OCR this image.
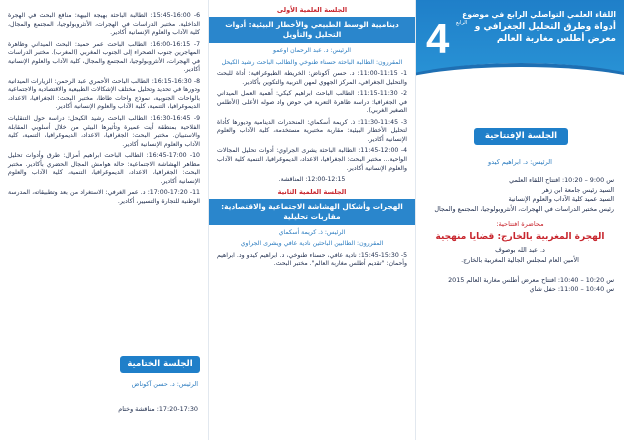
6- 15:45-16:00: الطالبة الباحثة بهيجة البيهة: منافع البحث في الهجرة الداخلية. مختبر الدراسات في الهجرات، الأنثروبولوجيا، المجتمع والمجال، كلية الآداب والعلوم الإنسانية أكادير.
7- 16:00-16:15: الطالب الباحث عمر حميد: البحث الميداني وظاهرة المهاجرين جنوب الصحراء إلى الجنوب المغربي (المغرب). مختبر الدراسات في الهجرات، الأنثروبولوجيا، المجتمع والمجال، كلية الآداب والعلوم الإنسانية أكادير.
8- 16:15-16:30: الطالب الباحث الأحمري عبد الرحمن: الزيارات الميدانية ودورها في تحديد وتحليل مختلف الإشكالات الطبيعية والاقتصادية والاجتماعية بالواحات الجنوبية، نموذج واحات طاطا، مختبر البحث: الجغرافيا، الاعداد، الديموغرافيا، التنمية، كلية الآداب والعلوم الإنسانية أكادير.
9- 16:30-16:45: الطالب الباحث رشيد الكيحل: دراسة حول التنقليات الفلاحية بمنطقة أيت عميرة وتأثيرها البيئي من خلال أسلوبي المقابلة والاستبيان. مختبر البحث: الجغرافيا، الاعداد، الديموغرافيا، التنمية، كلية الآداب والعلوم الإنسانية أكادير.
10- 16:45-17:00: الطالب الباحث ابراهيم أمزال: طرق وأدوات تحليل مظاهر الهشاشة الاجتماعية: حالة هوامش المجال الحضري بأكادير. مختبر البحث: الجغرافيا، الاعداد، الديموغرافيا، التنمية، كلية الآداب والعلوم الإنسانية أكادير.
11- 17:00-17:20: د. عمر الغرفي: الاستغراد من بعد وتطبيقاته، المدرسة الوطنية للتجارة والتسيير، أكادير.
الجلسة الختامية
الرئيس: د. حسن آكوناض
17:20-17:30: مناقشة وختام
الجلسة العلمية الأولى
ديناميية الوسط الطبيعي والأخطار البيئية: أدوات التحليل والتأويل
الرئيس: د. عبد الرحمان اوعمو
المقررون: الطالبة الباحثة حسناء طنوخي والطالب الباحث رشيد الكيحل
1- 11:00-11:15: د. حسن آكوناض: الخريطة الطبوغرافية: أداة للبحث والتحليل الجغرافي، المركز الجهوي لمهن التربية والتكوين بأكادير.
2- 11:15-11:30: الطالب الباحث ابراهيم كيكي: أهمية العمل الميداني في الجغرافيا: دراسة ظاهرة التعرية في حوض واد صوله الأعلى (الأطلس الصغير الغربي).
3- 11:30-11:45: ذ. كريمة أسكماي: المنحدرات الدينامية وديورها كأداة لتحليل الأخطار البيئية: مقاربة مختبرية مستخدمة، كلية الآداب والعلوم الإنسانية أكادير.
4- 11:45-12:00: الطالبة الباحثة يشرى الجراوي: أدوات تحليل المجالات الواحية... مختبر البحث: الجغرافيا، الاعداد، الديموغرافيا، التنمية كلية الآداب والعلوم الإنسانية أكادير.
12:00-12:15: المناقشة.
الجلسة العلمية الثانية
الهجرات وأشكال الهشاشة الاجتماعية والاقتصادية: مقاربات تحليلية
الرئيس: ذ. كريمة أسكماي
المقررون: الطالبين الباحثين نادية عافي ويشرى الجراوي
5- 15:45-15:30: نادية عافي، حسناء طنوخي، د. ابراهيم كيدو ود. ابراهيم وأحمان: "تقديم أطلس مغاربة العالم". مختبر البحث.
اللقاء العلمي التواصلي الرابع في موضوع
4 الرابع أدواة وطرق التحليل الجغرافي و معرض أطلس مغاربة العالم
الجلسة الإفتتاحية
الرئيس: د. ابراهيم كيدو
س 9:00 – 10:20: افتتاح اللقاء العلمي
السيد رئيس جامعة ابن زهر
السيد عميد كلية الآداب والعلوم الإنسانية
رئيس مختبر الدراسات في الهجرات، الأنثروبولوجيا، المجتمع والمجال
محاضرة افتتاحية:
الهجرة المغربية بالخارج: قضايا منهجية
د. عبد الله بوصوف
الأمين العام لمجلس الجالية المغربية بالخارج.
س 10:20 – 10:40: افتتاح معرض أطلس مغاربة العالم 2015
س 10:40 – 11:00: حفل شاي
